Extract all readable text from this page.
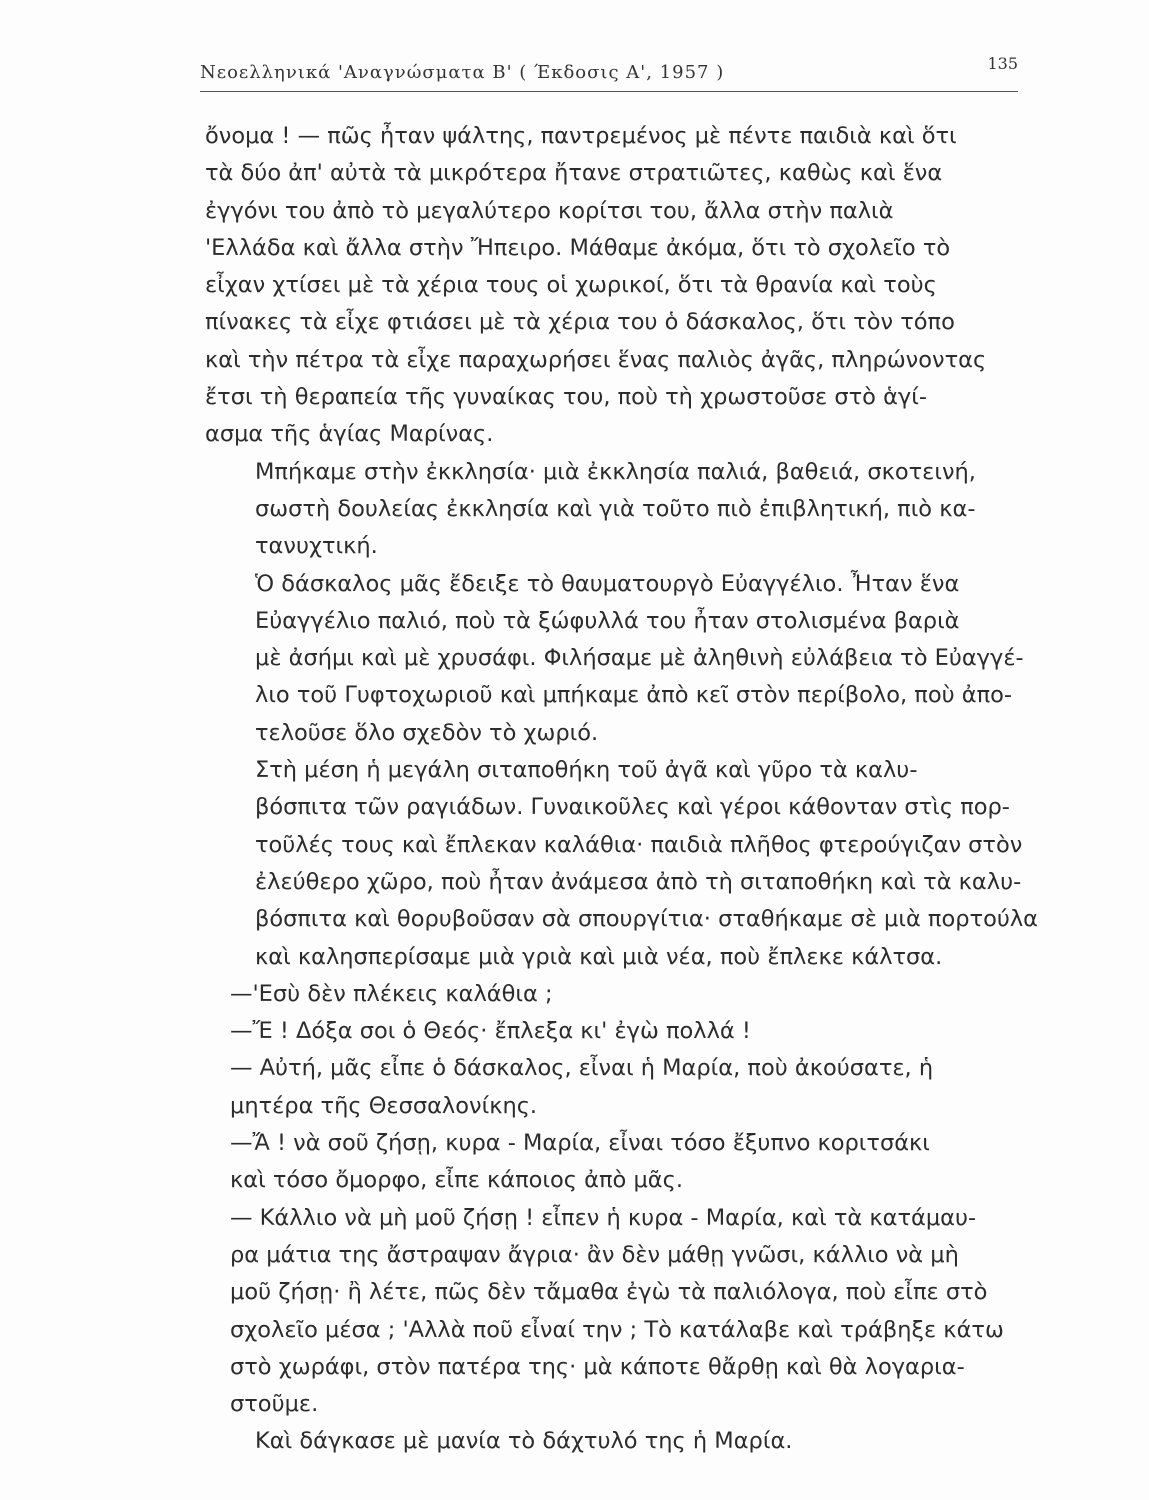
Νεοελληνικά 'Αναγνώσματα Β' ( Έκδοσις Α', 1957 )	135

ὄνομα ! — πῶς ἦταν ψάλτης, παντρεμένος μὲ πέντε παιδιὰ καὶ ὅτι
τὰ δύο ἀπ' αὐτὰ τὰ μικρότερα ἤτανε στρατιῶτες, καθὼς καὶ ἕνα
ἐγγόνι του ἀπὸ τὸ μεγαλύτερο κορίτσι του, ἄλλα στὴν παλιὰ
'Ελλάδα καὶ ἄλλα στὴν Ἤπειρο. Μάθαμε ἀκόμα, ὅτι τὸ σχολεῖο τὸ
εἶχαν χτίσει μὲ τὰ χέρια τους οἱ χωρικοί, ὅτι τὰ θρανία καὶ τοὺς
πίνακες τὰ εἶχε φτιάσει μὲ τὰ χέρια του ὁ δάσκαλος, ὅτι τὸν τόπο
καὶ τὴν πέτρα τὰ εἶχε παραχωρήσει ἕνας παλιὸς ἀγᾶς, πληρώνοντας
ἔτσι τὴ θεραπεία τῆς γυναίκας του, ποὺ τὴ χρωστοῦσε στὸ ἁγί-
ασμα τῆς ἁγίας Μαρίνας.

Μπήκαμε στὴν ἐκκλησία· μιὰ ἐκκλησία παλιά, βαθειά, σκοτεινή,
σωστὴ δουλείας ἐκκλησία καὶ γιὰ τοῦτο πιὸ ἐπιβλητική, πιὸ κα-
τανυχτική.

Ὁ δάσκαλος μᾶς ἔδειξε τὸ θαυματουργὸ Εὐαγγέλιο. Ἦταν ἕνα
Εὐαγγέλιο παλιό, ποὺ τὰ ξώφυλλά του ἦταν στολισμένα βαριὰ
μὲ ἀσήμι καὶ μὲ χρυσάφι. Φιλήσαμε μὲ ἀληθινὴ εὐλάβεια τὸ Εὐαγγέ-
λιο τοῦ Γυφτοχωριοῦ καὶ μπήκαμε ἀπὸ κεῖ στὸν περίβολο, ποὺ ἀπο-
τελοῦσε ὅλο σχεδὸν τὸ χωριό.

Στὴ μέση ἡ μεγάλη σιταποθήκη τοῦ ἀγᾶ καὶ γῦρο τὰ καλυ-
βόσπιτα τῶν ραγιάδων. Γυναικοῦλες καὶ γέροι κάθονταν στὶς πορ-
τοῦλές τους καὶ ἔπλεκαν καλάθια· παιδιὰ πλῆθος φτερούγιζαν στὸν
ἐλεύθερο χῶρο, ποὺ ἦταν ἀνάμεσα ἀπὸ τὴ σιταποθήκη καὶ τὰ καλυ-
βόσπιτα καὶ θορυβοῦσαν σὰ σπουργίτια· σταθήκαμε σὲ μιὰ πορτούλα
καὶ καλησπερίσαμε μιὰ γριὰ καὶ μιὰ νέα, ποὺ ἔπλεκε κάλτσα.

—'Εσὺ δὲν πλέκεις καλάθια ;

—Ἔ ! Δόξα σοι ὁ Θεός· ἔπλεξα κι' ἐγὼ πολλά !

— Αὐτή, μᾶς εἶπε ὁ δάσκαλος, εἶναι ἡ Μαρία, ποὺ ἀκούσατε, ἡ
μητέρα τῆς Θεσσαλονίκης.

—Ἄ ! νὰ σοῦ ζήσῃ, κυρα - Μαρία, εἶναι τόσο ἔξυπνο κοριτσάκι
καὶ τόσο ὄμορφο, εἶπε κάποιος ἀπὸ μᾶς.

— Κάλλιο νὰ μὴ μοῦ ζήσῃ ! εἶπεν ἡ κυρα - Μαρία, καὶ τὰ κατάμαυ-
ρα μάτια της ἄστραψαν ἄγρια· ἂν δὲν μάθῃ γνῶσι, κάλλιο νὰ μὴ
μοῦ ζήσῃ· ἢ λέτε, πῶς δὲν τἄμαθα ἐγὼ τὰ παλιόλογα, ποὺ εἶπε στὸ
σχολεῖο μέσα ; 'Αλλὰ ποῦ εἶναί την ; Τὸ κατάλαβε καὶ τράβηξε κάτω
στὸ χωράφι, στὸν πατέρα της· μὰ κάποτε θἄρθῃ καὶ θὰ λογαρια-
στοῦμε.

Καὶ δάγκασε μὲ μανία τὸ δάχτυλό της ἡ Μαρία.
